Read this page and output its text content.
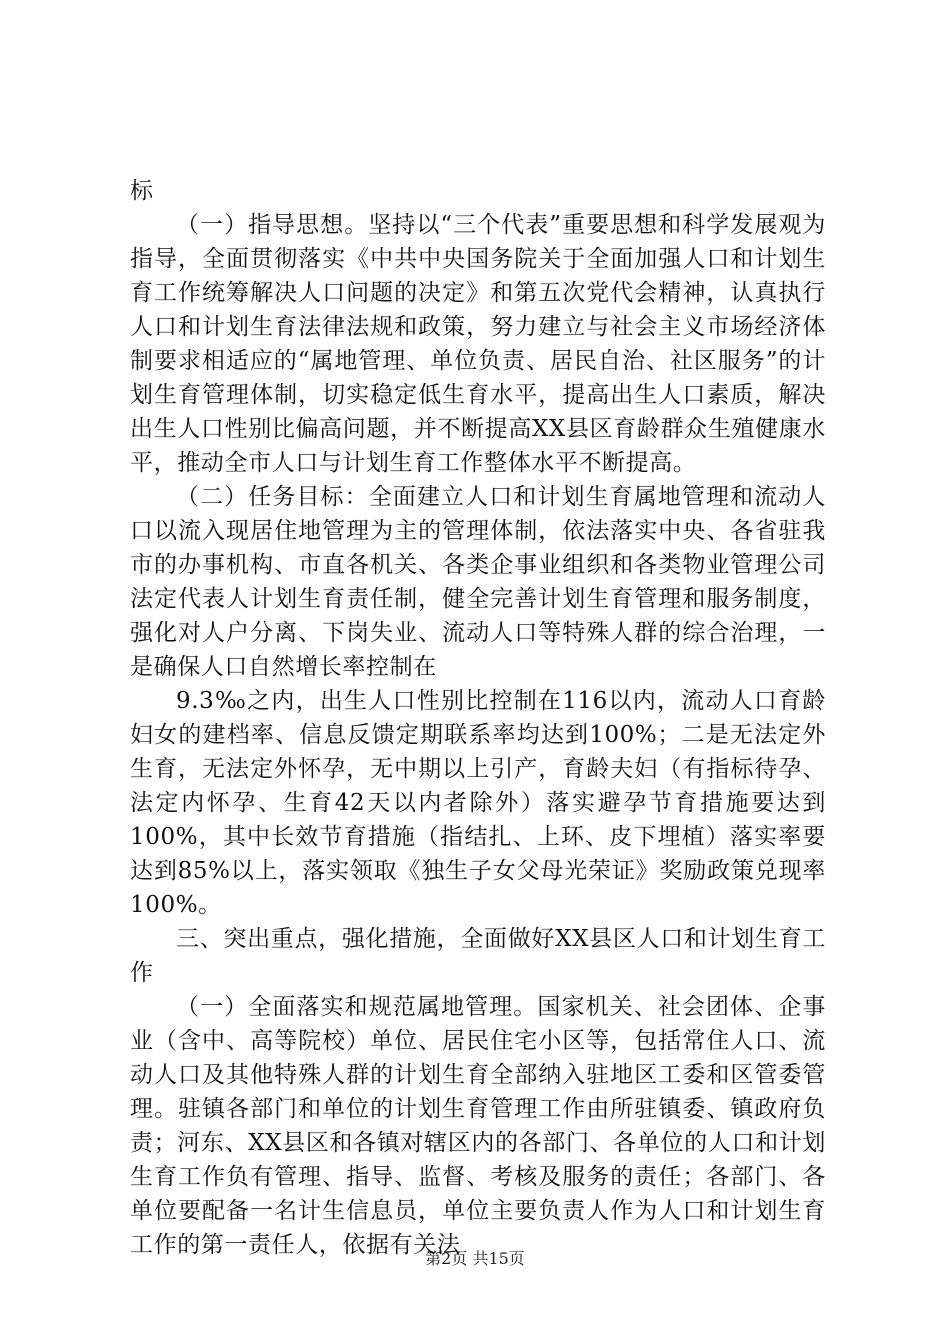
标

（一）指导思想。坚持以“三个代表”重要思想和科学发展观为指导，全面贯彻落实《中共中央国务院关于全面加强人口和计划生育工作统筹解决人口问题的决定》和第五次党代会精神，认真执行人口和计划生育法律法规和政策，努力建立与社会主义市场经济体制要求相适应的“属地管理、单位负责、居民自治、社区服务”的计划生育管理体制，切实稳定低生育水平，提高出生人口素质，解决出生人口性别比偏高问题，并不断提高XX县区育龄群众生殖健康水平，推动全市人口与计划生育工作整体水平不断提高。

（二）任务目标：全面建立人口和计划生育属地管理和流动人口以流入现居住地管理为主的管理体制，依法落实中央、各省驻我市的办事机构、市直各机关、各类企事业组织和各类物业管理公司法定代表人计划生育责任制，健全完善计划生育管理和服务制度，强化对人户分离、下岗失业、流动人口等特殊人群的综合治理，一是确保人口自然增长率控制在

9.3‰之内，出生人口性别比控制在116以内，流动人口育龄妇女的建档率、信息反馈定期联系率均达到100%；二是无法定外生育，无法定外怀孕，无中期以上引产，育龄夫妇（有指标待孕、法定内怀孕、生育42天以内者除外）落实避孕节育措施要达到100%，其中长效节育措施（指结扎、上环、皮下埋植）落实率要达到85%以上，落实领取《独生子女父母光荣证》奖励政策兑现率100%。

三、突出重点，强化措施，全面做好XX县区人口和计划生育工作

（一）全面落实和规范属地管理。国家机关、社会团体、企事业（含中、高等院校）单位、居民住宅小区等，包括常住人口、流动人口及其他特殊人群的计划生育全部纳入驻地区工委和区管委管理。驻镇各部门和单位的计划生育管理工作由所驻镇委、镇政府负责；河东、XX县区和各镇对辖区内的各部门、各单位的人口和计划生育工作负有管理、指导、监督、考核及服务的责任；各部门、各单位要配备一名计生信息员，单位主要负责人作为人口和计划生育工作的第一责任人，依据有关法

第2页 共15页
